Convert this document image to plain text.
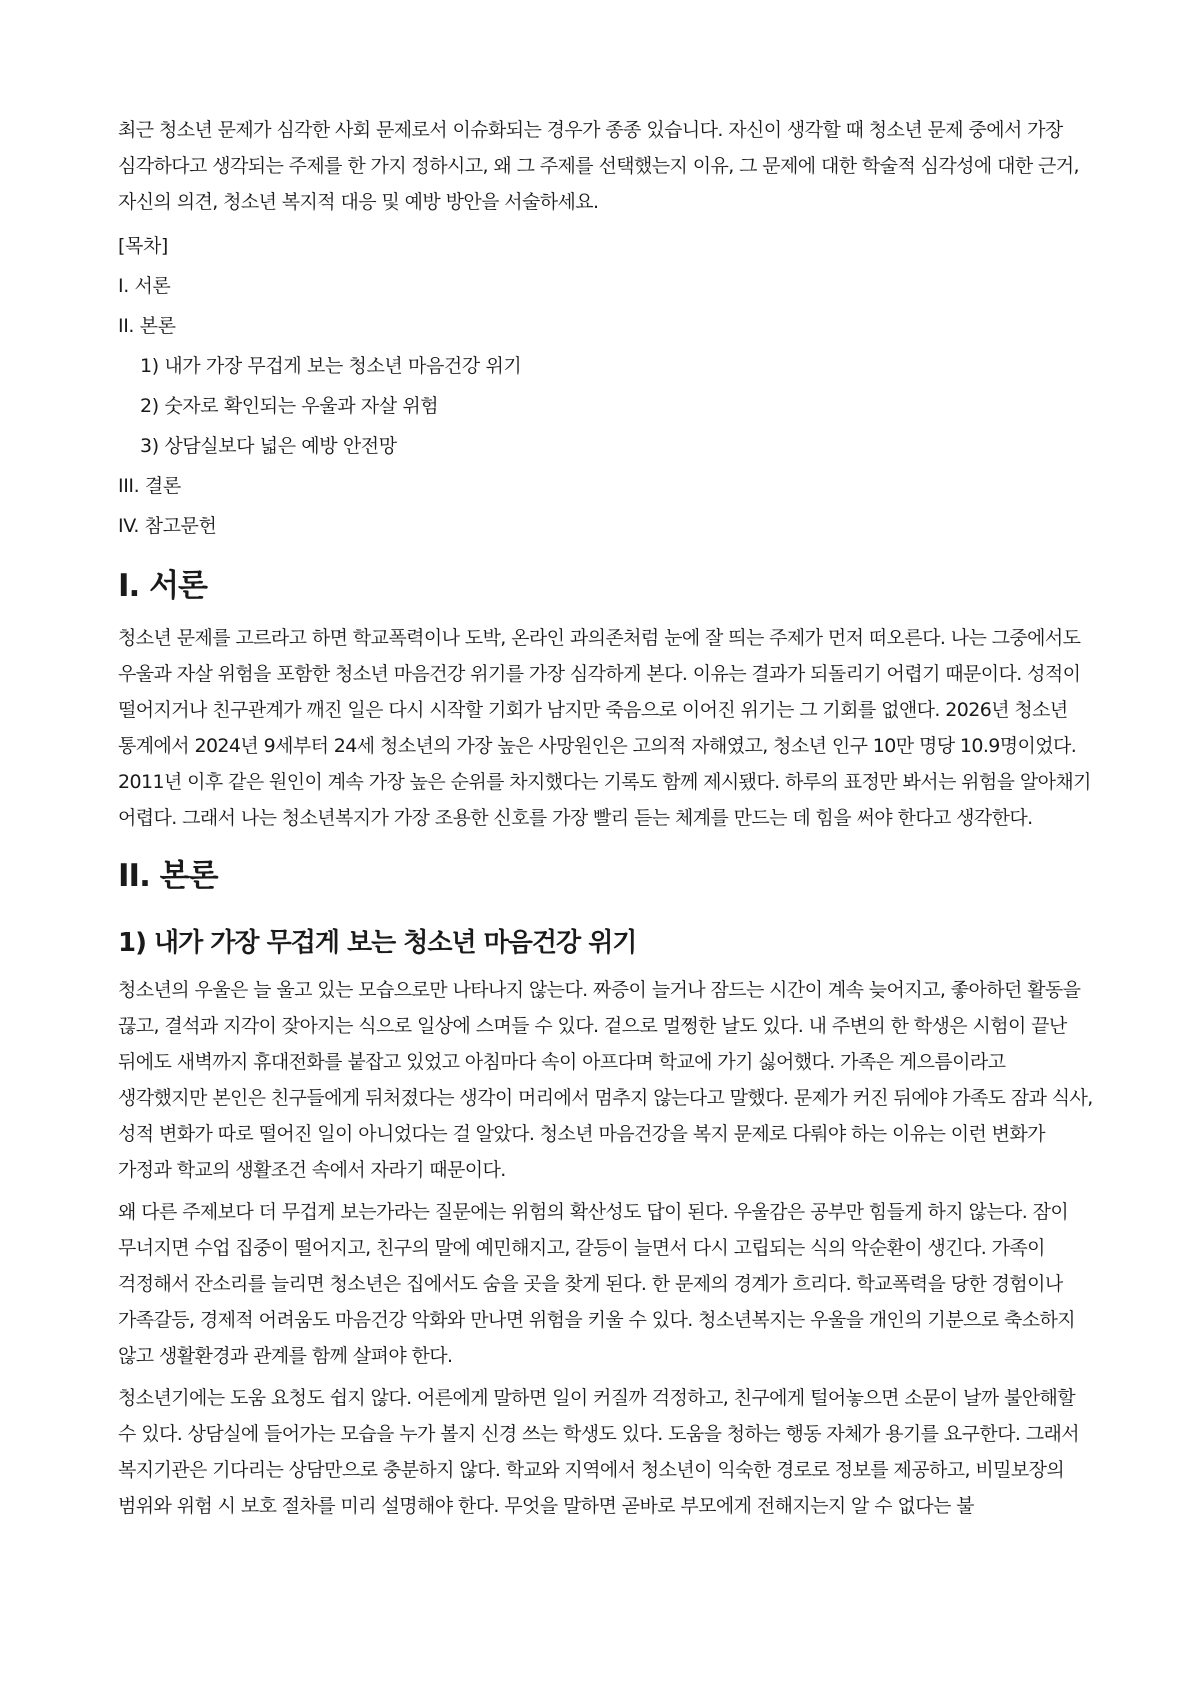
최근 청소년 문제가 심각한 사회 문제로서 이슈화되는 경우가 종종 있습니다. 자신이 생각할 때 청소년 문제 중에서 가장 심각하다고 생각되는 주제를 한 가지 정하시고, 왜 그 주제를 선택했는지 이유, 그 문제에 대한 학술적 심각성에 대한 근거, 자신의 의견, 청소년 복지적 대응 및 예방 방안을 서술하세요.

[목차]
I. 서론
II. 본론
1) 내가 가장 무겁게 보는 청소년 마음건강 위기
2) 숫자로 확인되는 우울과 자살 위험
3) 상담실보다 넓은 예방 안전망
III. 결론
IV. 참고문헌
I. 서론

청소년 문제를 고르라고 하면 학교폭력이나 도박, 온라인 과의존처럼 눈에 잘 띄는 주제가 먼저 떠오른다. 나는 그중에서도 우울과 자살 위험을 포함한 청소년 마음건강 위기를 가장 심각하게 본다. 이유는 결과가 되돌리기 어렵기 때문이다. 성적이 떨어지거나 친구관계가 깨진 일은 다시 시작할 기회가 남지만 죽음으로 이어진 위기는 그 기회를 없앤다. 2026년 청소년 통계에서 2024년 9세부터 24세 청소년의 가장 높은 사망원인은 고의적 자해였고, 청소년 인구 10만 명당 10.9명이었다. 2011년 이후 같은 원인이 계속 가장 높은 순위를 차지했다는 기록도 함께 제시됐다. 하루의 표정만 봐서는 위험을 알아채기 어렵다. 그래서 나는 청소년복지가 가장 조용한 신호를 가장 빨리 듣는 체계를 만드는 데 힘을 써야 한다고 생각한다.

II. 본론
1) 내가 가장 무겁게 보는 청소년 마음건강 위기

청소년의 우울은 늘 울고 있는 모습으로만 나타나지 않는다. 짜증이 늘거나 잠드는 시간이 계속 늦어지고, 좋아하던 활동을 끊고, 결석과 지각이 잦아지는 식으로 일상에 스며들 수 있다. 겉으로 멀쩡한 날도 있다. 내 주변의 한 학생은 시험이 끝난 뒤에도 새벽까지 휴대전화를 붙잡고 있었고 아침마다 속이 아프다며 학교에 가기 싫어했다. 가족은 게으름이라고 생각했지만 본인은 친구들에게 뒤처졌다는 생각이 머리에서 멈추지 않는다고 말했다. 문제가 커진 뒤에야 가족도 잠과 식사, 성적 변화가 따로 떨어진 일이 아니었다는 걸 알았다. 청소년 마음건강을 복지 문제로 다뤄야 하는 이유는 이런 변화가 가정과 학교의 생활조건 속에서 자라기 때문이다.

왜 다른 주제보다 더 무겁게 보는가라는 질문에는 위험의 확산성도 답이 된다. 우울감은 공부만 힘들게 하지 않는다. 잠이 무너지면 수업 집중이 떨어지고, 친구의 말에 예민해지고, 갈등이 늘면서 다시 고립되는 식의 악순환이 생긴다. 가족이 걱정해서 잔소리를 늘리면 청소년은 집에서도 숨을 곳을 찾게 된다. 한 문제의 경계가 흐리다. 학교폭력을 당한 경험이나 가족갈등, 경제적 어려움도 마음건강 악화와 만나면 위험을 키울 수 있다. 청소년복지는 우울을 개인의 기분으로 축소하지 않고 생활환경과 관계를 함께 살펴야 한다.

청소년기에는 도움 요청도 쉽지 않다. 어른에게 말하면 일이 커질까 걱정하고, 친구에게 털어놓으면 소문이 날까 불안해할 수 있다. 상담실에 들어가는 모습을 누가 볼지 신경 쓰는 학생도 있다. 도움을 청하는 행동 자체가 용기를 요구한다. 그래서 복지기관은 기다리는 상담만으로 충분하지 않다. 학교와 지역에서 청소년이 익숙한 경로로 정보를 제공하고, 비밀보장의 범위와 위험 시 보호 절차를 미리 설명해야 한다. 무엇을 말하면 곧바로 부모에게 전해지는지 알 수 없다는 불
